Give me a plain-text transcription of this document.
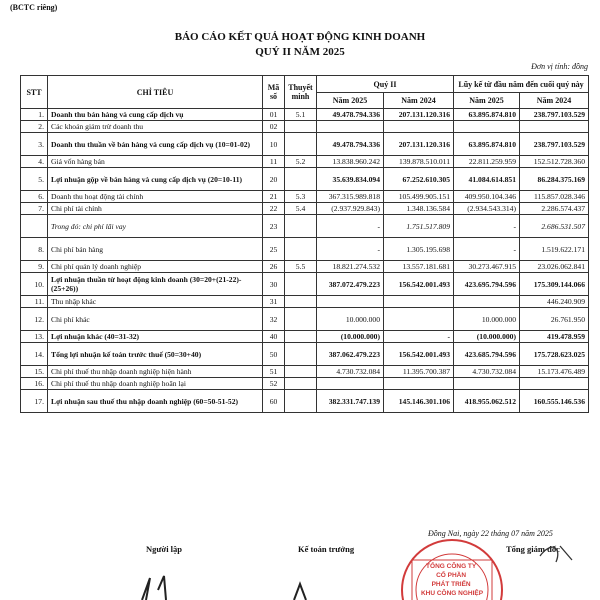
(BCTC riêng)
BÁO CÁO KẾT QUẢ HOẠT ĐỘNG KINH DOANH
QUÝ II NĂM 2025
Đơn vị tính: đồng
STT	CHỈ TIÊU	Mã số	Thuyết minh	Quý II		Lũy kế từ đầu năm đến cuối quý này	
				Năm 2025	Năm 2024	Năm 2025	Năm 2024
1.	Doanh thu bán hàng và cung cấp dịch vụ	01	5.1	49.478.794.336	207.131.120.316	63.895.874.810	238.797.103.529
2.	Các khoản giảm trừ doanh thu	02					
3.	Doanh thu thuần về bán hàng và cung cấp dịch vụ (10=01-02)	10		49.478.794.336	207.131.120.316	63.895.874.810	238.797.103.529
4.	Giá vốn hàng bán	11	5.2	13.838.960.242	139.878.510.011	22.811.259.959	152.512.728.360
5.	Lợi nhuận gộp về bán hàng và cung cấp dịch vụ (20=10-11)	20		35.639.834.094	67.252.610.305	41.084.614.851	86.284.375.169
6.	Doanh thu hoạt động tài chính	21	5.3	367.315.989.818	105.499.905.151	409.950.104.346	115.857.028.346
7.	Chi phí tài chính	22	5.4	(2.937.929.843)	1.348.136.584	(2.934.543.314)	2.286.574.437
	Trong đó: chi phí lãi vay	23		-	1.751.517.809	-	2.686.531.507
8.	Chi phí bán hàng	25		-	1.305.195.698	-	1.519.622.171
9.	Chi phí quản lý doanh nghiệp	26	5.5	18.821.274.532	13.557.181.681	30.273.467.915	23.026.062.841
10.	Lợi nhuận thuần từ hoạt động kinh doanh (30=20+(21-22)-(25+26))	30		387.072.479.223	156.542.001.493	423.695.794.596	175.309.144.066
11.	Thu nhập khác	31					446.240.909
12.	Chi phí khác	32		10.000.000		10.000.000	26.761.950
13.	Lợi nhuận khác (40=31-32)	40		(10.000.000)	-	(10.000.000)	419.478.959
14.	Tổng lợi nhuận kế toán trước thuế (50=30+40)	50		387.062.479.223	156.542.001.493	423.685.794.596	175.728.623.025
15.	Chi phí thuế thu nhập doanh nghiệp hiện hành	51		4.730.732.084	11.395.700.387	4.730.732.084	15.173.476.489
16.	Chi phí thuế thu nhập doanh nghiệp hoãn lại	52					
17.	Lợi nhuận sau thuế thu nhập doanh nghiệp (60=50-51-52)	60		382.331.747.139	145.146.301.106	418.955.062.512	160.555.146.536
Đồng Nai, ngày 22 tháng 07 năm 2025
Người lập	Kế toán trưởng	Tổng giám đốc
TỔNG CÔNG TY CỔ PHẦN PHÁT TRIỂN KHU CÔNG NGHIỆP
